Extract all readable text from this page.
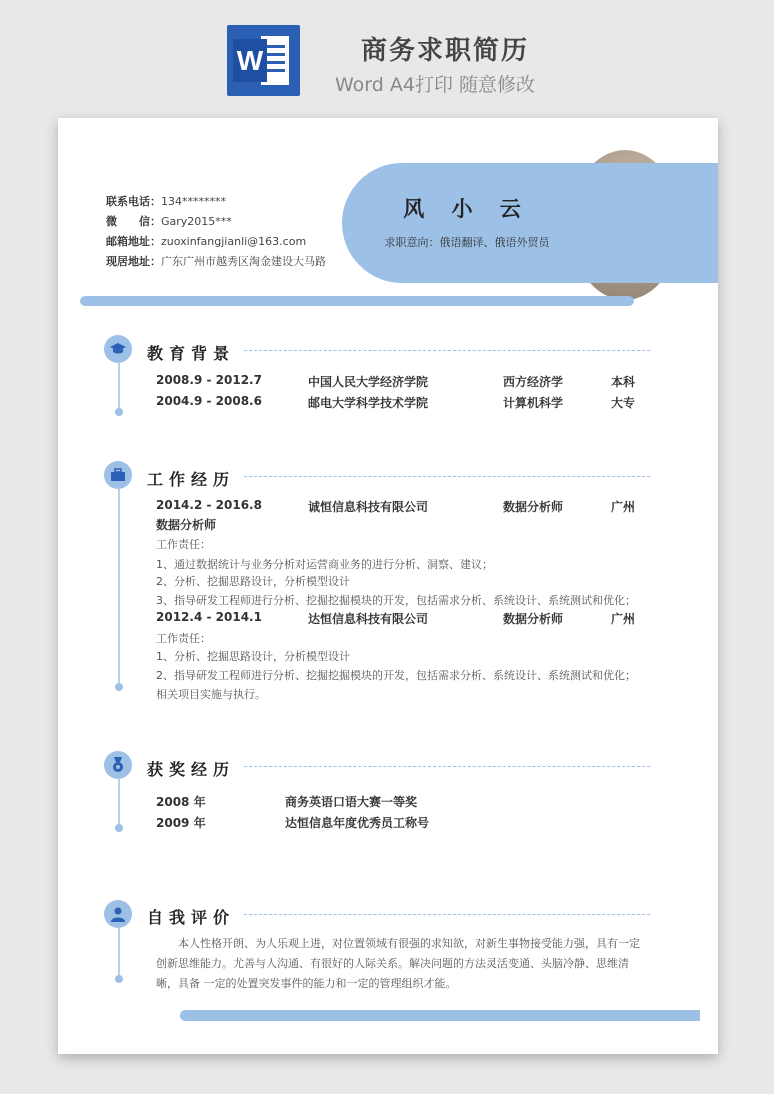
W	商务求职简历
Word A4打印 随意修改
联系电话：134********
微　　信：Gary2015***
邮箱地址：zuoxinfangjianli@163.com
现居地址：广东广州市越秀区淘金建设大马路
风 小 云
求职意向：俄语翻译、俄语外贸员
教育背景
2008.9 - 2012.7	中国人民大学经济学院	西方经济学	本科
2004.9 - 2008.6	邮电大学科学技术学院	计算机科学	大专
工作经历
2014.2 - 2016.8	诚恒信息科技有限公司	数据分析师	广州
数据分析师
工作责任：
1、通过数据统计与业务分析对运营商业务的进行分析、洞察、建议；
2、分析、挖掘思路设计，分析模型设计
3、指导研发工程师进行分析、挖掘挖掘模块的开发，包括需求分析、系统设计、系统测试和优化；
2012.4 - 2014.1	达恒信息科技有限公司	数据分析师	广州
工作责任：
1、分析、挖掘思路设计，分析模型设计
2、指导研发工程师进行分析、挖掘挖掘模块的开发，包括需求分析、系统设计、系统测试和优化；
相关项目实施与执行。
获奖经历
2008 年	商务英语口语大赛一等奖
2009 年	达恒信息年度优秀员工称号
自我评价
本人性格开朗、为人乐观上进，对位置领域有很强的求知欲，对新生事物接受能力强，具有一定创新思维能力。尤善与人沟通、有很好的人际关系。解决问题的方法灵活变通、头脑冷静、思维清晰，具备 一定的处置突发事件的能力和一定的管理组织才能。
